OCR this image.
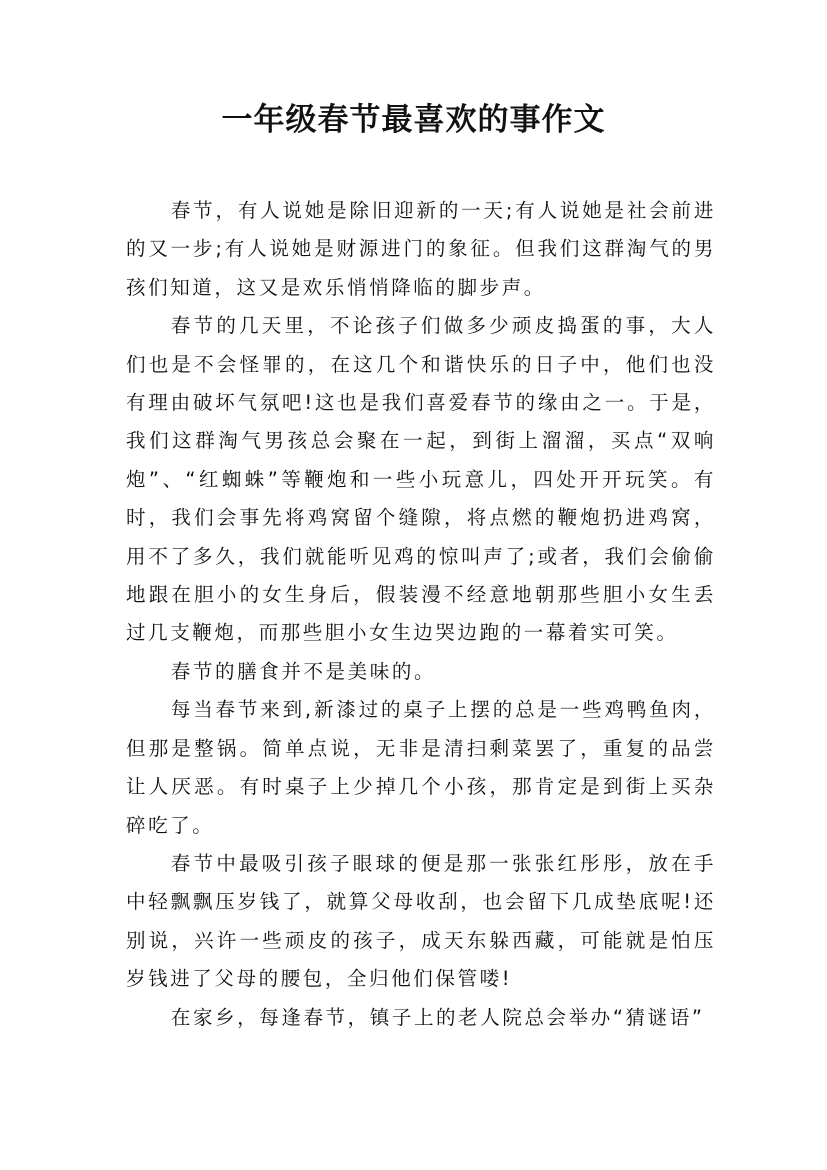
一年级春节最喜欢的事作文

春节，有人说她是除旧迎新的一天;有人说她是社会前进的又一步;有人说她是财源进门的象征。但我们这群淘气的男孩们知道，这又是欢乐悄悄降临的脚步声。

春节的几天里，不论孩子们做多少顽皮捣蛋的事，大人们也是不会怪罪的，在这几个和谐快乐的日子中，他们也没有理由破坏气氛吧!这也是我们喜爱春节的缘由之一。于是，我们这群淘气男孩总会聚在一起，到街上溜溜，买点“双响炮”、“红蜘蛛”等鞭炮和一些小玩意儿，四处开开玩笑。有时，我们会事先将鸡窝留个缝隙，将点燃的鞭炮扔进鸡窝，用不了多久，我们就能听见鸡的惊叫声了;或者，我们会偷偷地跟在胆小的女生身后，假装漫不经意地朝那些胆小女生丢过几支鞭炮，而那些胆小女生边哭边跑的一幕着实可笑。

春节的膳食并不是美味的。

每当春节来到,新漆过的桌子上摆的总是一些鸡鸭鱼肉，但那是整锅。简单点说，无非是清扫剩菜罢了，重复的品尝让人厌恶。有时桌子上少掉几个小孩，那肯定是到街上买杂碎吃了。

春节中最吸引孩子眼球的便是那一张张红彤彤，放在手中轻飘飘压岁钱了，就算父母收刮，也会留下几成垫底呢!还别说，兴许一些顽皮的孩子，成天东躲西藏，可能就是怕压岁钱进了父母的腰包，全归他们保管喽!

在家乡，每逢春节，镇子上的老人院总会举办“猜谜语”
